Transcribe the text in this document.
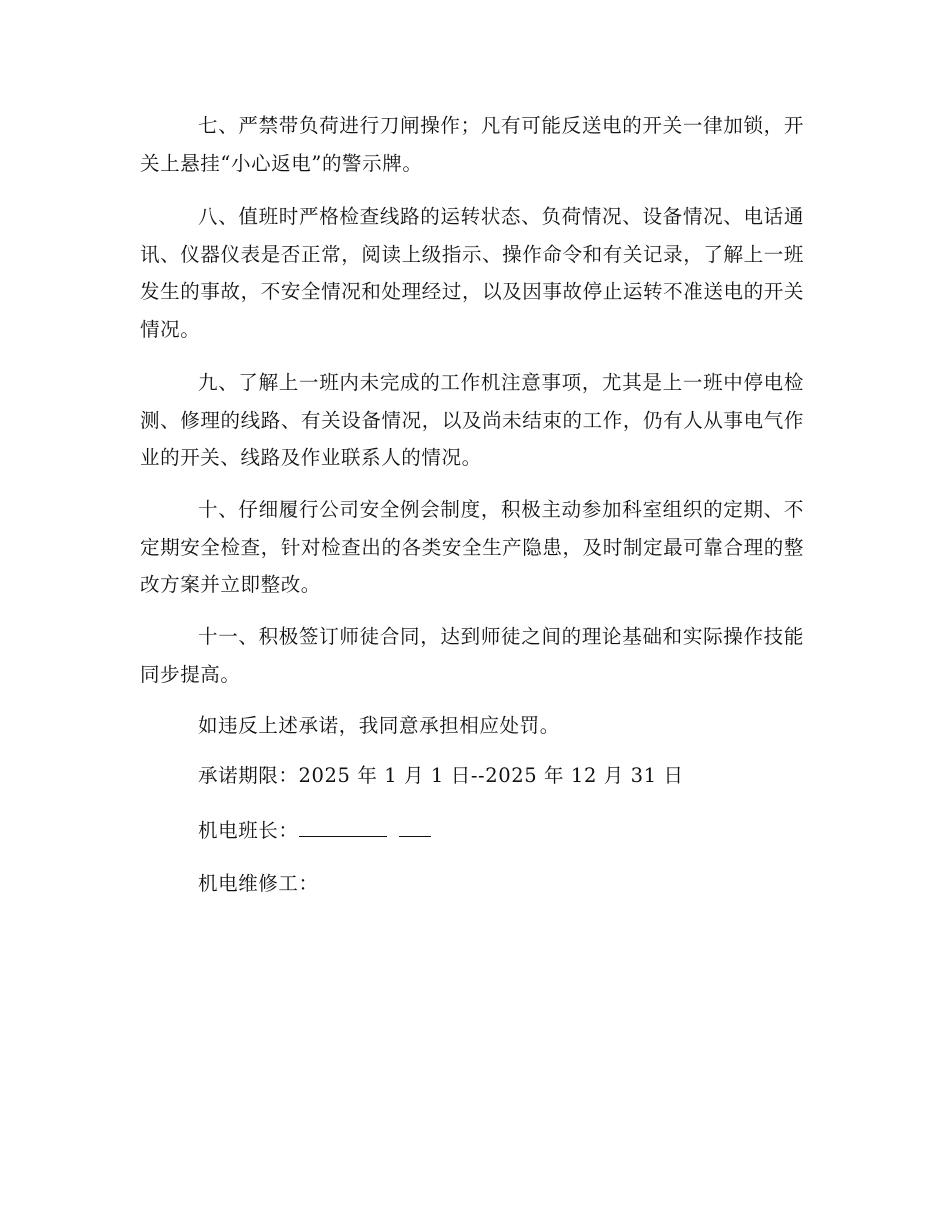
七、严禁带负荷进行刀闸操作；凡有可能反送电的开关一律加锁，开关上悬挂“小心返电”的警示牌。

八、值班时严格检查线路的运转状态、负荷情况、设备情况、电话通讯、仪器仪表是否正常，阅读上级指示、操作命令和有关记录，了解上一班发生的事故，不安全情况和处理经过，以及因事故停止运转不准送电的开关情况。

九、了解上一班内未完成的工作机注意事项，尤其是上一班中停电检测、修理的线路、有关设备情况，以及尚未结束的工作，仍有人从事电气作业的开关、线路及作业联系人的情况。

十、仔细履行公司安全例会制度，积极主动参加科室组织的定期、不定期安全检查，针对检查出的各类安全生产隐患，及时制定最可靠合理的整改方案并立即整改。

十一、积极签订师徒合同，达到师徒之间的理论基础和实际操作技能同步提高。

如违反上述承诺，我同意承担相应处罚。

承诺期限：2025 年 1 月 1 日--2025 年 12 月 31 日

机电班长：

机电维修工：
